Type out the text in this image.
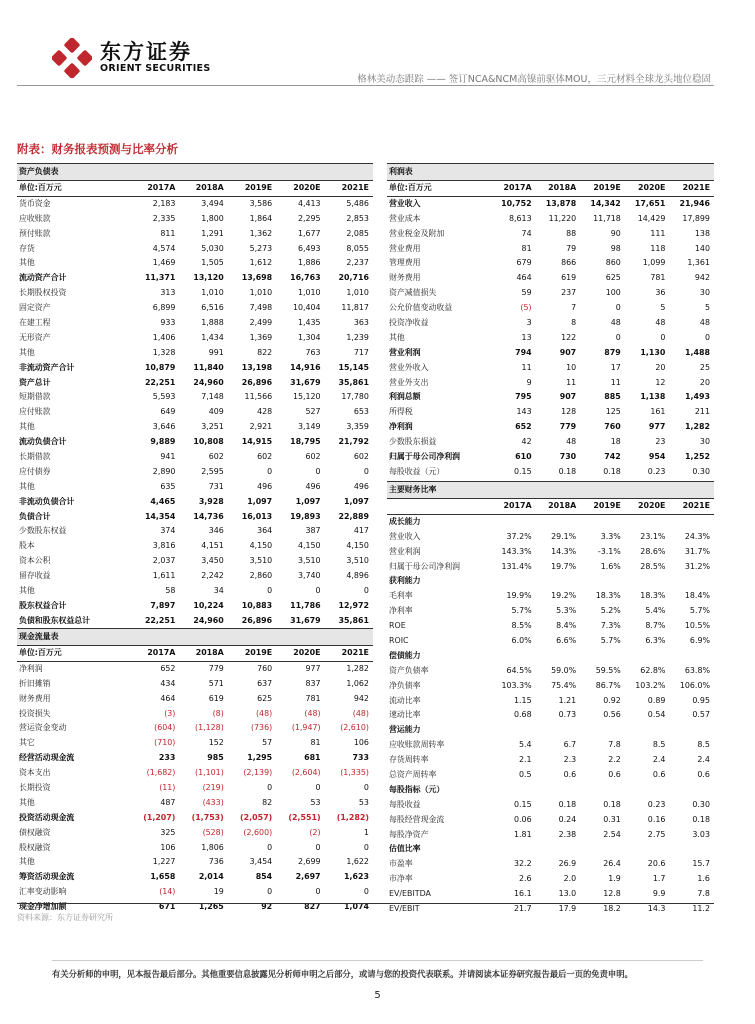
东方证券
ORIENT SECURITIES
格林美动态跟踪 —— 签订NCA&NCM高镍前驱体MOU，三元材料全球龙头地位稳固
附表：财务报表预测与比率分析
资产负债表
单位:百万元	2017A	2018A	2019E	2020E	2021E
货币资金	2,183	3,494	3,586	4,413	5,486
应收账款	2,335	1,800	1,864	2,295	2,853
预付账款	811	1,291	1,362	1,677	2,085
存货	4,574	5,030	5,273	6,493	8,055
其他	1,469	1,505	1,612	1,886	2,237
流动资产合计	11,371	13,120	13,698	16,763	20,716
长期股权投资	313	1,010	1,010	1,010	1,010
固定资产	6,899	6,516	7,498	10,404	11,817
在建工程	933	1,888	2,499	1,435	363
无形资产	1,406	1,434	1,369	1,304	1,239
其他	1,328	991	822	763	717
非流动资产合计	10,879	11,840	13,198	14,916	15,145
资产总计	22,251	24,960	26,896	31,679	35,861
短期借款	5,593	7,148	11,566	15,120	17,780
应付账款	649	409	428	527	653
其他	3,646	3,251	2,921	3,149	3,359
流动负债合计	9,889	10,808	14,915	18,795	21,792
长期借款	941	602	602	602	602
应付债券	2,890	2,595	0	0	0
其他	635	731	496	496	496
非流动负债合计	4,465	3,928	1,097	1,097	1,097
负债合计	14,354	14,736	16,013	19,893	22,889
少数股东权益	374	346	364	387	417
股本	3,816	4,151	4,150	4,150	4,150
资本公积	2,037	3,450	3,510	3,510	3,510
留存收益	1,611	2,242	2,860	3,740	4,896
其他	58	34	0	0	0
股东权益合计	7,897	10,224	10,883	11,786	12,972
负债和股东权益总计	22,251	24,960	26,896	31,679	35,861
现金流量表
单位:百万元	2017A	2018A	2019E	2020E	2021E
净利润	652	779	760	977	1,282
折旧摊销	434	571	637	837	1,062
财务费用	464	619	625	781	942
投资损失	(3)	(8)	(48)	(48)	(48)
营运资金变动	(604)	(1,128)	(736)	(1,947)	(2,610)
其它	(710)	152	57	81	106
经营活动现金流	233	985	1,295	681	733
资本支出	(1,682)	(1,101)	(2,139)	(2,604)	(1,335)
长期投资	(11)	(219)	0	0	0
其他	487	(433)	82	53	53
投资活动现金流	(1,207)	(1,753)	(2,057)	(2,551)	(1,282)
债权融资	325	(528)	(2,600)	(2)	1
股权融资	106	1,806	0	0	0
其他	1,227	736	3,454	2,699	1,622
筹资活动现金流	1,658	2,014	854	2,697	1,623
汇率变动影响	(14)	19	0	0	0
现金净增加额	671	1,265	92	827	1,074
利润表
单位:百万元	2017A	2018A	2019E	2020E	2021E
营业收入	10,752	13,878	14,342	17,651	21,946
营业成本	8,613	11,220	11,718	14,429	17,899
营业税金及附加	74	88	90	111	138
营业费用	81	79	98	118	140
管理费用	679	866	860	1,099	1,361
财务费用	464	619	625	781	942
资产减值损失	59	237	100	36	30
公允价值变动收益	(5)	7	0	5	5
投资净收益	3	8	48	48	48
其他	13	122	0	0	0
营业利润	794	907	879	1,130	1,488
营业外收入	11	10	17	20	25
营业外支出	9	11	11	12	20
利润总额	795	907	885	1,138	1,493
所得税	143	128	125	161	211
净利润	652	779	760	977	1,282
少数股东损益	42	48	18	23	30
归属于母公司净利润	610	730	742	954	1,252
每股收益（元）	0.15	0.18	0.18	0.23	0.30
主要财务比率
2017A	2018A	2019E	2020E	2021E
成长能力
营业收入	37.2%	29.1%	3.3%	23.1%	24.3%
营业利润	143.3%	14.3%	-3.1%	28.6%	31.7%
归属于母公司净利润	131.4%	19.7%	1.6%	28.5%	31.2%
获利能力
毛利率	19.9%	19.2%	18.3%	18.3%	18.4%
净利率	5.7%	5.3%	5.2%	5.4%	5.7%
ROE	8.5%	8.4%	7.3%	8.7%	10.5%
ROIC	6.0%	6.6%	5.7%	6.3%	6.9%
偿债能力
资产负债率	64.5%	59.0%	59.5%	62.8%	63.8%
净负债率	103.3%	75.4%	86.7%	103.2%	106.0%
流动比率	1.15	1.21	0.92	0.89	0.95
速动比率	0.68	0.73	0.56	0.54	0.57
营运能力
应收账款周转率	5.4	6.7	7.8	8.5	8.5
存货周转率	2.1	2.3	2.2	2.4	2.4
总资产周转率	0.5	0.6	0.6	0.6	0.6
每股指标（元）
每股收益	0.15	0.18	0.18	0.23	0.30
每股经营现金流	0.06	0.24	0.31	0.16	0.18
每股净资产	1.81	2.38	2.54	2.75	3.03
估值比率
市盈率	32.2	26.9	26.4	20.6	15.7
市净率	2.6	2.0	1.9	1.7	1.6
EV/EBITDA	16.1	13.0	12.8	9.9	7.8
EV/EBIT	21.7	17.9	18.2	14.3	11.2
资料来源：东方证券研究所
有关分析师的申明，见本报告最后部分。其他重要信息披露见分析师申明之后部分，或请与您的投资代表联系。并请阅读本证券研究报告最后一页的免责申明。
5
